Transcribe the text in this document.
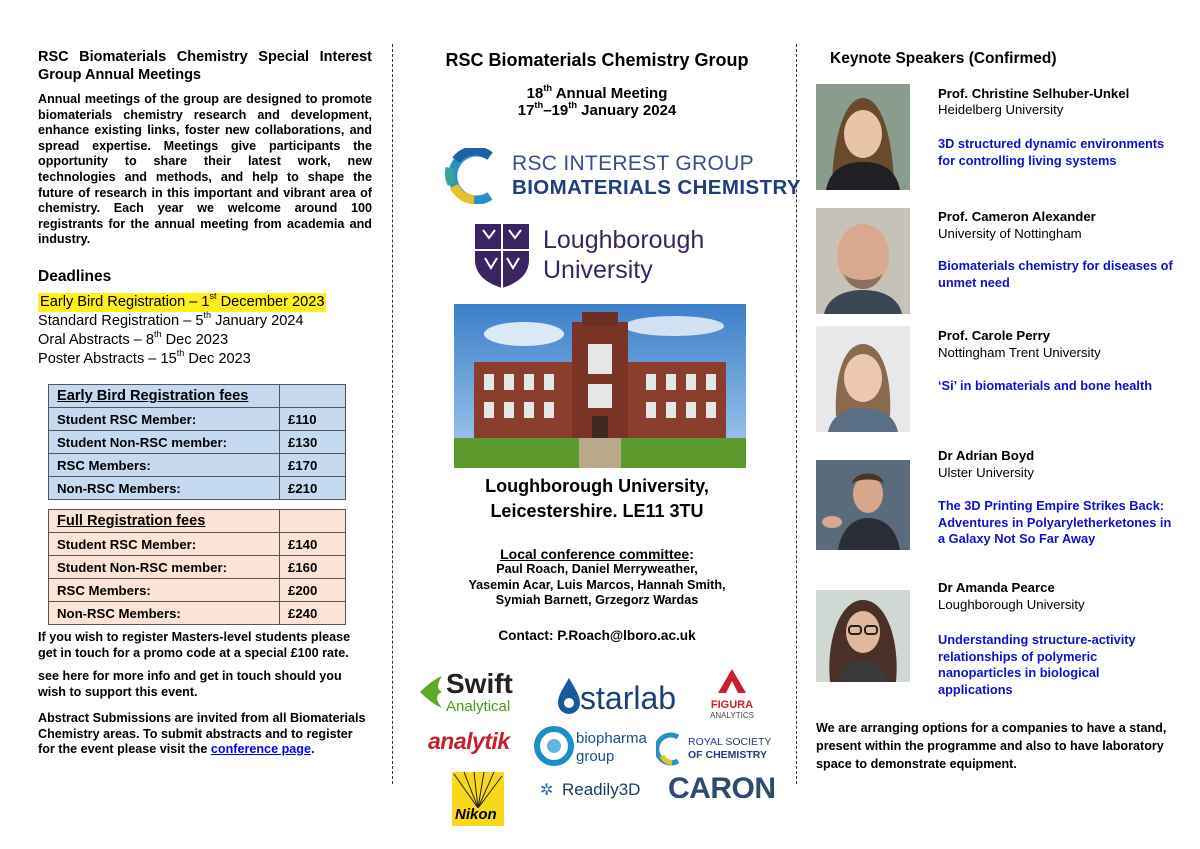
RSC Biomaterials Chemistry Special Interest Group Annual Meetings
Annual meetings of the group are designed to promote biomaterials chemistry research and development, enhance existing links, foster new collaborations, and spread expertise. Meetings give participants the opportunity to share their latest work, new technologies and methods, and help to shape the future of research in this important and vibrant area of chemistry. Each year we welcome around 100 registrants for the annual meeting from academia and industry.
Deadlines
Early Bird Registration – 1st December 2023
Standard Registration – 5th January 2024
Oral Abstracts – 8th Dec 2023
Poster Abstracts – 15th Dec 2023
Early Bird Registration fees	
Student RSC Member:	£110
Student Non-RSC member:	£130
RSC Members:	£170
Non-RSC Members:	£210
Full Registration fees	
Student RSC Member:	£140
Student Non-RSC member:	£160
RSC Members:	£200
Non-RSC Members:	£240
If you wish to register Masters-level students please get in touch for a promo code at a special £100 rate.
see here for more info and get in touch should you wish to support this event.
Abstract Submissions are invited from all Biomaterials Chemistry areas. To submit abstracts and to register for the event please visit the conference page.
RSC Biomaterials Chemistry Group
18th Annual Meeting
17th–19th January 2024
RSC INTEREST GROUP
BIOMATERIALS CHEMISTRY
Loughborough
University
Loughborough University,
Leicestershire. LE11 3TU
Local conference committee:
Paul Roach, Daniel Merryweather,
Yasemin Acar, Luis Marcos, Hannah Smith,
Symiah Barnett, Grzegorz Wardas
Contact: P.Roach@lboro.ac.uk
Swift
Analytical starlab	FIGURA
ANALYTICS
analytik	biopharma
group
ROYAL SOCIETY
OF CHEMISTRY
Nikon
✲ Readily3D CARON
Keynote Speakers (Confirmed)
Prof. Christine Selhuber-Unkel
Heidelberg University
3D structured dynamic environments for controlling living systems
Prof. Cameron Alexander
University of Nottingham
Biomaterials chemistry for diseases of unmet need
Prof. Carole Perry
Nottingham Trent University
‘Si’ in biomaterials and bone health
Dr Adrian Boyd
Ulster University
The 3D Printing Empire Strikes Back: Adventures in Polyaryletherketones in a Galaxy Not So Far Away
Dr Amanda Pearce
Loughborough University
Understanding structure-activity relationships of polymeric nanoparticles in biological applications
We are arranging options for a companies to have a stand, present within the programme and also to have laboratory space to demonstrate equipment.
